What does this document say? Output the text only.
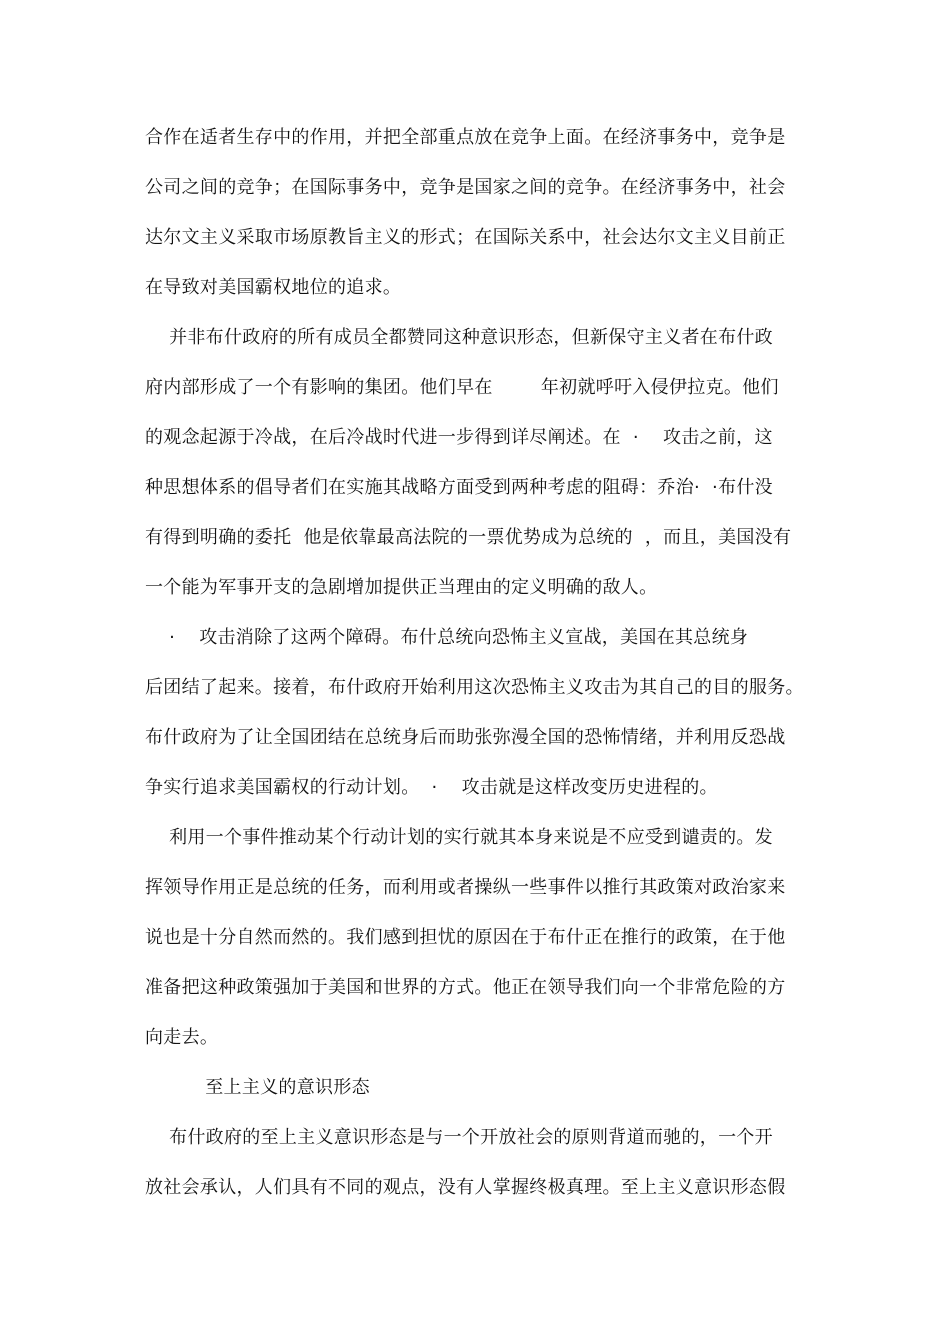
合作在适者生存中的作用，并把全部重点放在竞争上面。在经济事务中，竞争是
公司之间的竞争；在国际事务中，竞争是国家之间的竞争。在经济事务中，社会
达尔文主义采取市场原教旨主义的形式；在国际关系中，社会达尔文主义目前正
在导致对美国霸权地位的追求。
并非布什政府的所有成员全都赞同这种意识形态，但新保守主义者在布什政
府内部形成了一个有影响的集团。他们早在        年初就呼吁入侵伊拉克。他们
的观念起源于冷战，在后冷战时代进一步得到详尽阐述。在  ·    攻击之前，这
种思想体系的倡导者们在实施其战略方面受到两种考虑的阻碍：乔治·  ·布什没
有得到明确的委托  他是依靠最高法院的一票优势成为总统的  ，而且，美国没有
一个能为军事开支的急剧增加提供正当理由的定义明确的敌人。
·    攻击消除了这两个障碍。布什总统向恐怖主义宣战，美国在其总统身
后团结了起来。接着，布什政府开始利用这次恐怖主义攻击为其自己的目的服务。
布什政府为了让全国团结在总统身后而助张弥漫全国的恐怖情绪，并利用反恐战
争实行追求美国霸权的行动计划。  ·    攻击就是这样改变历史进程的。
利用一个事件推动某个行动计划的实行就其本身来说是不应受到谴责的。发
挥领导作用正是总统的任务，而利用或者操纵一些事件以推行其政策对政治家来
说也是十分自然而然的。我们感到担忧的原因在于布什正在推行的政策，在于他
准备把这种政策强加于美国和世界的方式。他正在领导我们向一个非常危险的方
向走去。
至上主义的意识形态
布什政府的至上主义意识形态是与一个开放社会的原则背道而驰的，一个开
放社会承认，人们具有不同的观点，没有人掌握终极真理。至上主义意识形态假
